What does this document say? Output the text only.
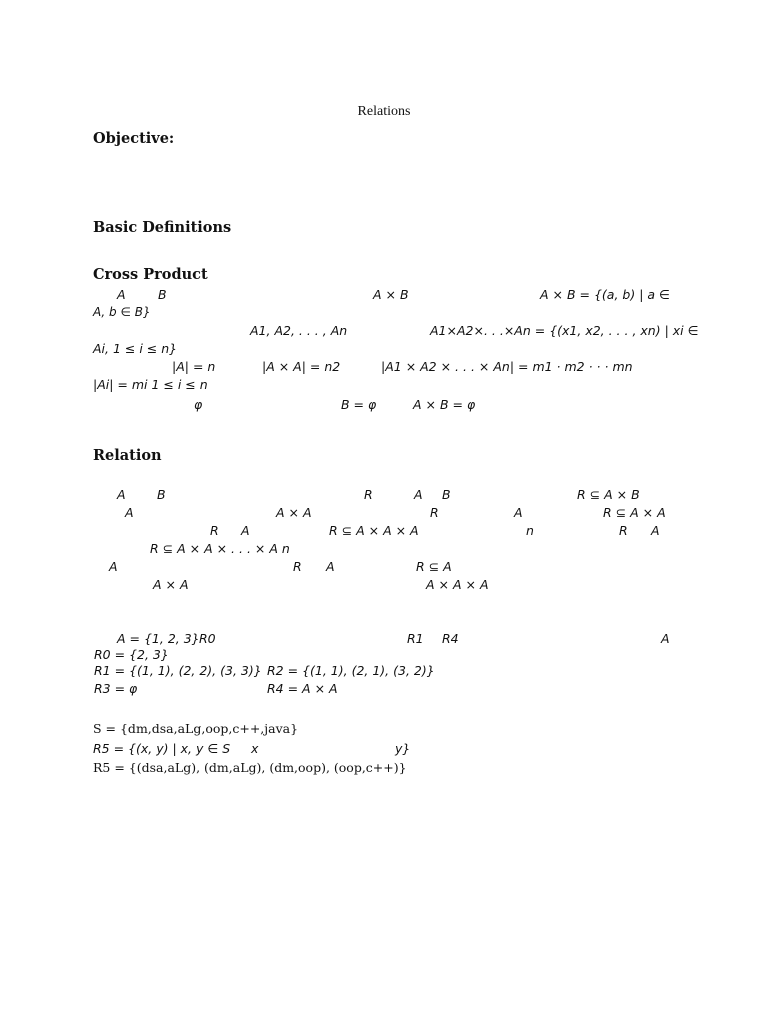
Relations
Objective:
Basic Definitions
Cross Product
A	B	A × B	A × B = {(a, b) | a ∈
A, b ∈ B}
A1, A2, . . . , An	A1×A2×. . .×An = {(x1, x2, . . . , xn) | xi ∈
Ai, 1 ≤ i ≤ n}
|A| = n	|A × A| = n2	|A1 × A2 × . . . × An| = m1 · m2 · · · mn
|Ai| = mi 1 ≤ i ≤ n
φ	B = φ	A × B = φ
Relation
A	B	R	A B	R ⊆ A × B
A	A × A	R	A	R ⊆ A × A
R A	R ⊆ A × A × A	n	R A
R ⊆ A × A × . . . × A n
A	R A	R ⊆ A
A × A	A × A × A
A = {1, 2, 3} R0	R1 R4	A
R0 = {2, 3}
R1 = {(1, 1), (2, 2), (3, 3)} R2 = {(1, 1), (2, 1), (3, 2)}
R3 = φ	R4 = A × A
S = {dm,dsa,aLg,oop,c++,java}
R5 = {(x, y) | x, y ∈ S x	y}
R5 = {(dsa,aLg), (dm,aLg), (dm,oop), (oop,c++)}
